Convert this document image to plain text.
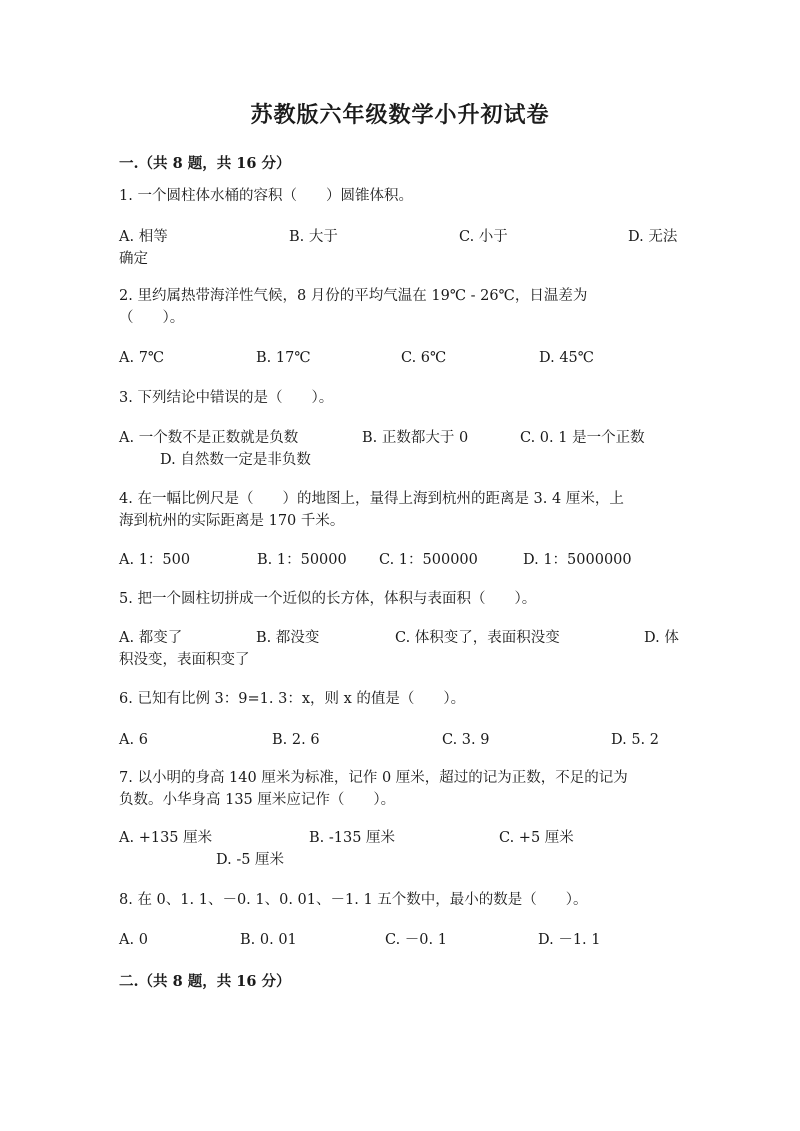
苏教版六年级数学小升初试卷
一.（共 8 题，共 16 分）
1. 一个圆柱体水桶的容积（　　）圆锥体积。
A. 相等	B. 大于	C. 小于	D. 无法
确定
2. 里约属热带海洋性气候，8 月份的平均气温在 19℃ - 26℃，日温差为
（　　）。
A. 7℃	B. 17℃	C. 6℃	D. 45℃
3. 下列结论中错误的是（　　）。
A. 一个数不是正数就是负数	B. 正数都大于 0	C. 0. 1 是一个正数
D. 自然数一定是非负数
4. 在一幅比例尺是（　　）的地图上，量得上海到杭州的距离是 3. 4 厘米，上
海到杭州的实际距离是 170 千米。
A. 1：500	B. 1：50000 C. 1：500000	D. 1：5000000
5. 把一个圆柱切拼成一个近似的长方体，体积与表面积（　　）。
A. 都变了	B. 都没变	C. 体积变了，表面积没变	D. 体
积没变，表面积变了
6. 已知有比例 3：9=1. 3：x，则 x 的值是（　　）。
A. 6	B. 2. 6	C. 3. 9	D. 5. 2
7. 以小明的身高 140 厘米为标准，记作 0 厘米，超过的记为正数，不足的记为
负数。小华身高 135 厘米应记作（　　）。
A. +135 厘米	B. -135 厘米	C. +5 厘米
D. -5 厘米
8. 在 0、1. 1、－0. 1、0. 01、－1. 1 五个数中，最小的数是（　　）。
A. 0	B. 0. 01	C. －0. 1	D. －1. 1
二.（共 8 题，共 16 分）
